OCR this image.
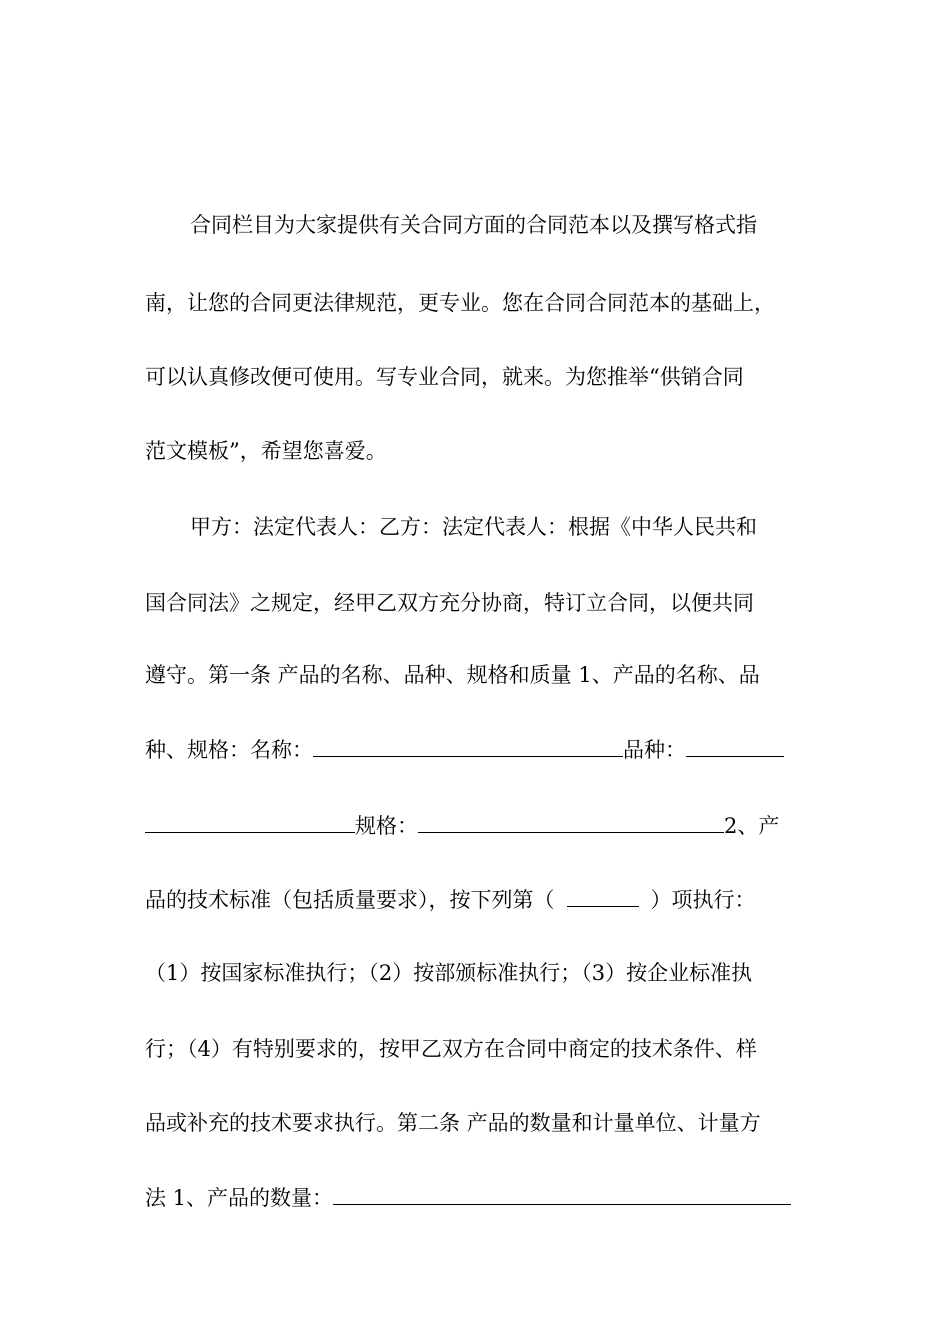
合同栏目为大家提供有关合同方面的合同范本以及撰写格式指
南，让您的合同更法律规范，更专业。您在合同合同范本的基础上，
可以认真修改便可使用。写专业合同，就来。为您推举“供销合同
范文模板”，希望您喜爱。
甲方：法定代表人：乙方：法定代表人：根据《中华人民共和
国合同法》之规定，经甲乙双方充分协商，特订立合同，以便共同
遵守。第一条 产品的名称、品种、规格和质量 1、产品的名称、品
种、规格：名称：	品种：
规格：	2、产
品的技术标准（包括质量要求），按下列第（	）项执行：
（1）按国家标准执行；（2）按部颁标准执行；（3）按企业标准执
行；（4）有特别要求的，按甲乙双方在合同中商定的技术条件、样
品或补充的技术要求执行。第二条 产品的数量和计量单位、计量方
法 1、产品的数量：
